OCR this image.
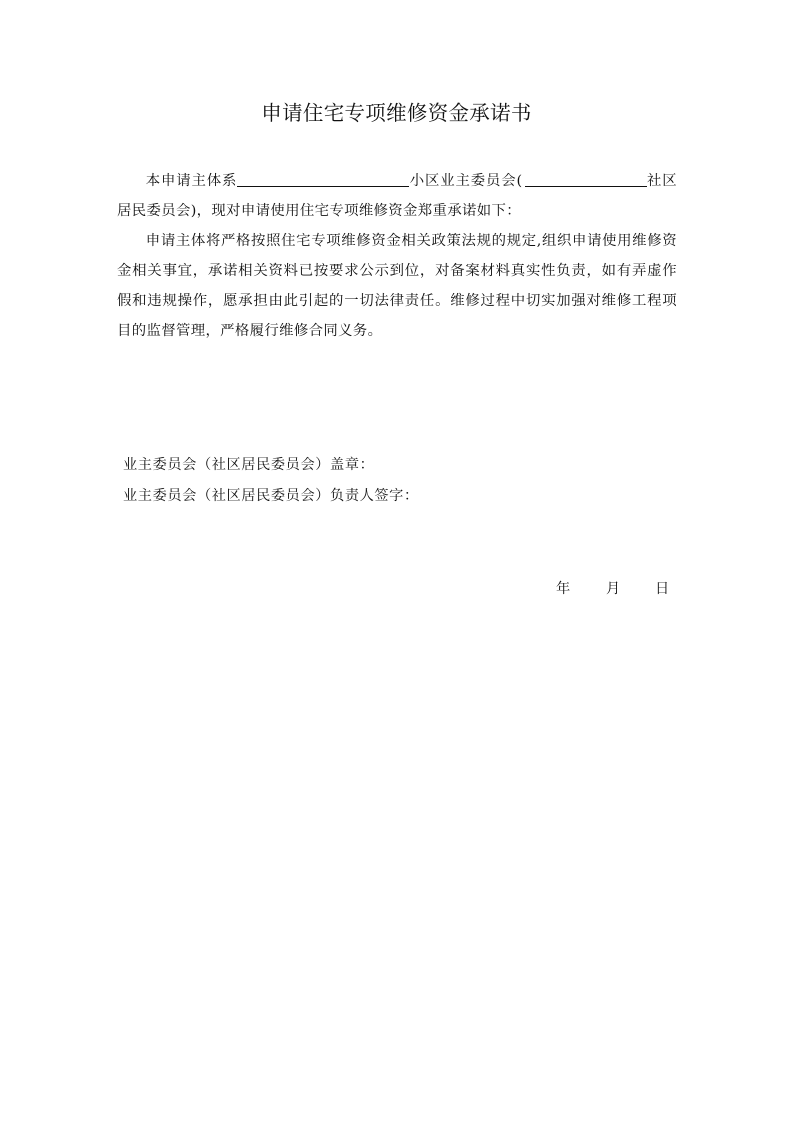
申请住宅专项维修资金承诺书

本申请主体系	小区业主委员会(	社区居民委员会)，现对申请使用住宅专项维修资金郑重承诺如下：

申请主体将严格按照住宅专项维修资金相关政策法规的规定,组织申请使用维修资金相关事宜，承诺相关资料已按要求公示到位，对备案材料真实性负责，如有弄虚作假和违规操作，愿承担由此引起的一切法律责任。维修过程中切实加强对维修工程项目的监督管理，严格履行维修合同义务。

业主委员会（社区居民委员会）盖章：
业主委员会（社区居民委员会）负责人签字：
年	月 日
